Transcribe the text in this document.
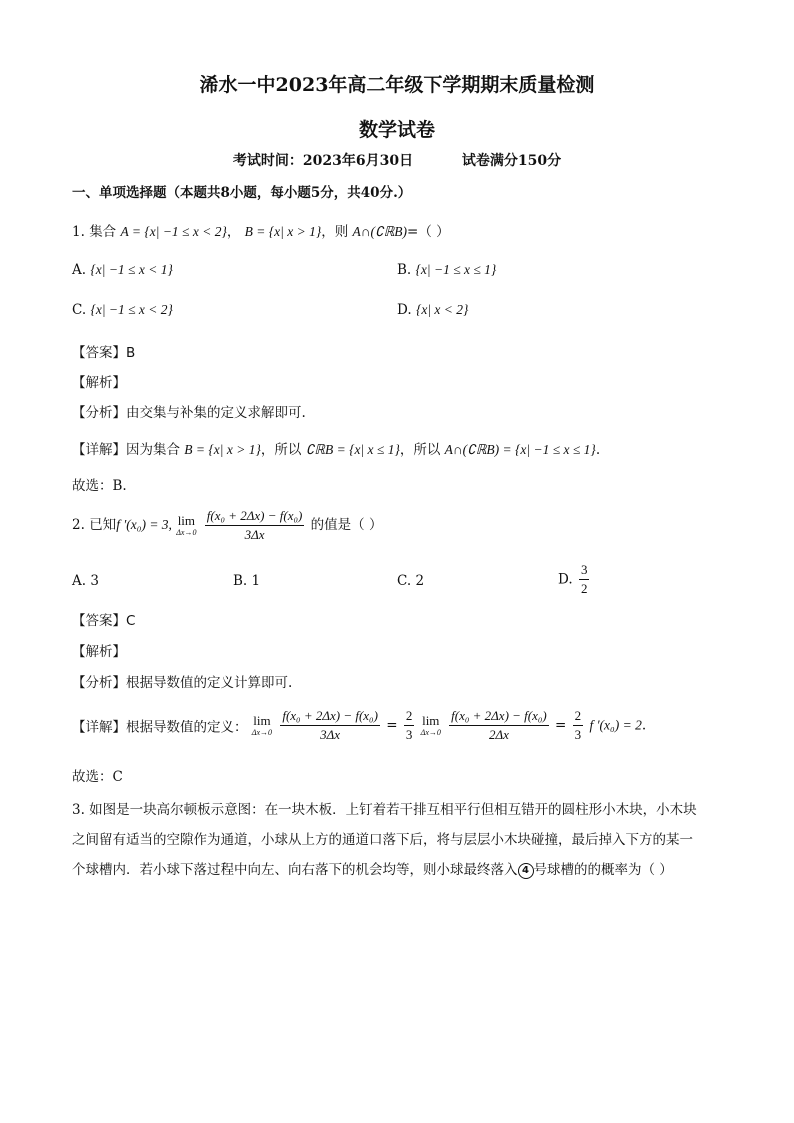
浠水一中2023年高二年级下学期期末质量检测
数学试卷
考试时间：2023年6月30日          试卷满分150分
一、单项选择题（本题共8小题，每小题5分，共40分.）
1. 集合 A = {x| −1 ≤ x < 2}， B = {x| x > 1}，则 A∩(∁ℝB)=（ ）
A. {x| −1 ≤ x < 1}	B. {x| −1 ≤ x ≤ 1}
C. {x| −1 ≤ x < 2}	D. {x| x < 2}
【答案】B
【解析】
【分析】由交集与补集的定义求解即可.
【详解】因为集合 B = {x| x > 1}，所以 ∁ℝB = {x| x ≤ 1}，所以 A∩(∁ℝB) = {x| −1 ≤ x ≤ 1}.
故选：B.
2. 已知f ′(x₀) = 3, lim
Δx→0
$\frac{\text{f(x₀ + 2Δx) − f(x₀)}}{3\Delta x}$ 的值是（ ）
A. 3	B. 1	C. 2	D. $\frac{3}{2}$
【答案】C
【解析】
【分析】根据导数值的定义计算即可.
【详解】根据导数值的定义： lim
Δx→0
$\frac{\text{f(x₀ + 2Δx) − f(x₀)}}{3\Delta x} = \frac{2}{3}$
lim
Δx→0
$\frac{\text{f(x₀ + 2Δx) − f(x₀)}}{2\Delta x} = \frac{2}{3}$ f ′(x₀) = 2.
故选：C
3. 如图是一块高尔顿板示意图：在一块木板．上钉着若干排互相平行但相互错开的圆柱形小木块，小木块
之间留有适当的空隙作为通道，小球从上方的通道口落下后，将与层层小木块碰撞，最后掉入下方的某一
个球槽内．若小球下落过程中向左、向右落下的机会均等，则小球最终落入 4 号球槽的的概率为（ ）
